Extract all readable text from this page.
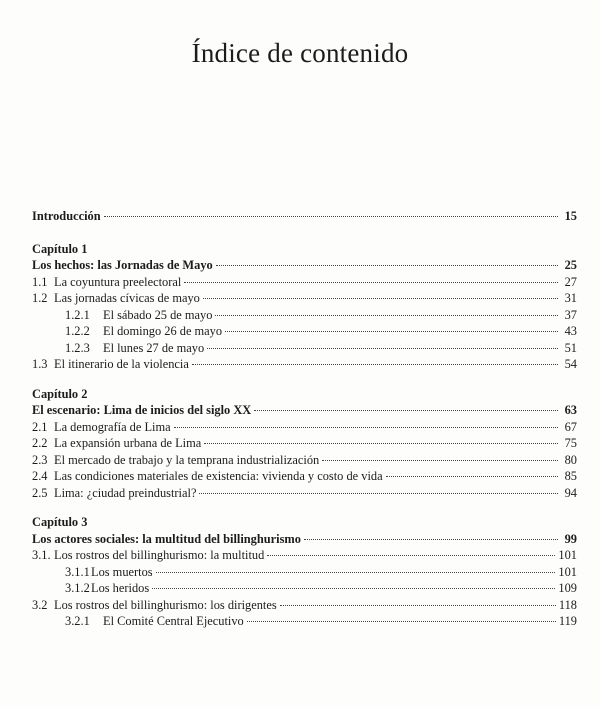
Índice de contenido
Introducción	15
Capítulo 1
Los hechos: las Jornadas de Mayo	25
1.1 La coyuntura preelectoral	27
1.2 Las jornadas cívicas de mayo	31
1.2.1	El sábado 25 de mayo	37
1.2.2	El domingo 26 de mayo	43
1.2.3	El lunes 27 de mayo	51
1.3 El itinerario de la violencia	54
Capítulo 2
El escenario: Lima de inicios del siglo XX	63
2.1 La demografía de Lima	67
2.2 La expansión urbana de Lima	75
2.3 El mercado de trabajo y la temprana industrialización	80
2.4 Las condiciones materiales de existencia: vivienda y costo de vida	85
2.5 Lima: ¿ciudad preindustrial?	94
Capítulo 3
Los actores sociales: la multitud del billinghurismo	99
3.1. Los rostros del billinghurismo: la multitud	101
3.1.1 Los muertos	101
3.1.2 Los heridos	109
3.2 Los rostros del billinghurismo: los dirigentes	118
3.2.1	El Comité Central Ejecutivo	119
